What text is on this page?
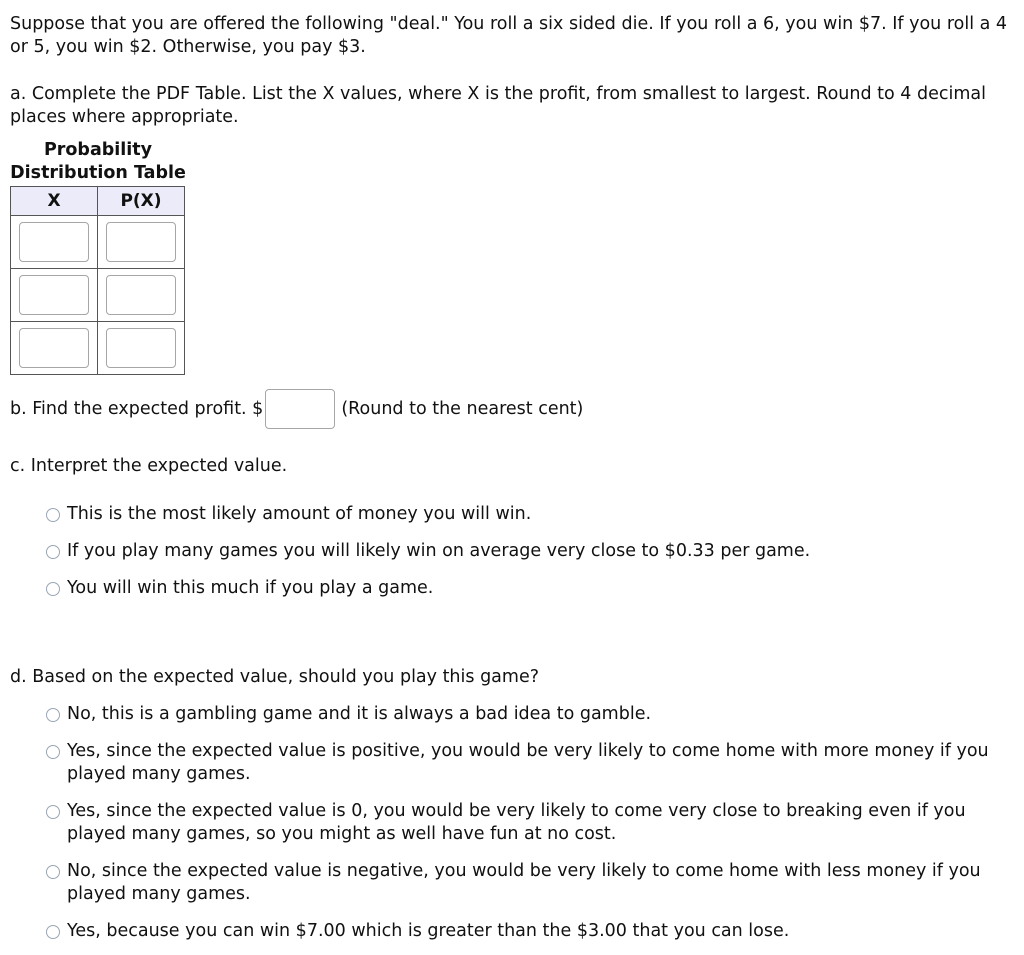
Suppose that you are offered the following "deal." You roll a six sided die. If you roll a 6, you win $7. If you roll a 4 or 5, you win $2. Otherwise, you pay $3.
a. Complete the PDF Table. List the X values, where X is the profit, from smallest to largest. Round to 4 decimal places where appropriate.
Probability Distribution Table
X	P(X)

b. Find the expected profit. $	(Round to the nearest cent)
c. Interpret the expected value.
This is the most likely amount of money you will win.
If you play many games you will likely win on average very close to $0.33 per game.
You will win this much if you play a game.
d. Based on the expected value, should you play this game?
No, this is a gambling game and it is always a bad idea to gamble.
Yes, since the expected value is positive, you would be very likely to come home with more money if you played many games.
Yes, since the expected value is 0, you would be very likely to come very close to breaking even if you played many games, so you might as well have fun at no cost.
No, since the expected value is negative, you would be very likely to come home with less money if you played many games.
Yes, because you can win $7.00 which is greater than the $3.00 that you can lose.
